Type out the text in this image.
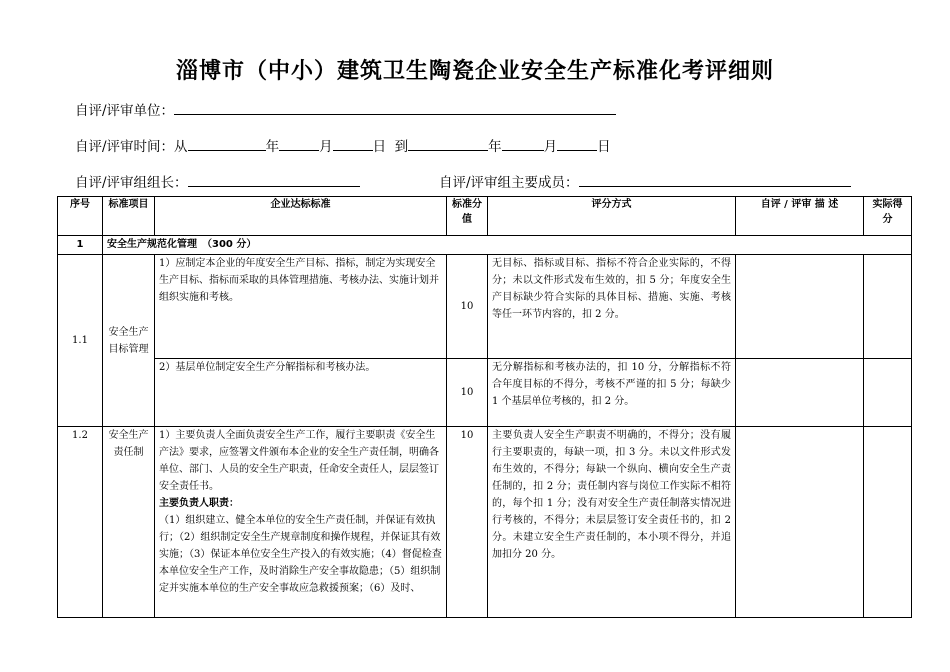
淄博市（中小）建筑卫生陶瓷企业安全生产标准化考评细则
自评/评审单位：
自评/评审时间：从	年	月	日 到	年	月	日
自评/评审组组长：	自评/评审组主要成员：
序号	标准项目	企业达标标准	标准分值	评分方式	自评 / 评审 描 述	实际得分
1	安全生产规范化管理　（300 分）					
1.1	安全生产目标管理	1）应制定本企业的年度安全生产目标、指标，制定为实现安全生产目标、指标而采取的具体管理措施、考核办法、实施计划并组织实施和考核。	10	无目标、指标或目标、指标不符合企业实际的，不得分；未以文件形式发布生效的，扣 5 分；年度安全生产目标缺少符合实际的具体目标、措施、实施、考核等任一环节内容的，扣 2 分。		
		2）基层单位制定安全生产分解指标和考核办法。	10	无分解指标和考核办法的，扣 10 分，分解指标不符合年度目标的不得分，考核不严谨的扣 5 分；每缺少 1 个基层单位考核的，扣 2 分。		
1.2	安全生产责任制	1）主要负责人全面负责安全生产工作，履行主要职责《安全生产法》要求，应签署文件颁布本企业的安全生产责任制，明确各单位、部门、人员的安全生产职责，任命安全责任人，层层签订安全责任书。
主要负责人职责：
（1）组织建立、健全本单位的安全生产责任制，并保证有效执行；（2）组织制定安全生产规章制度和操作规程，并保证其有效实施；（3）保证本单位安全生产投入的有效实施；（4）督促检查本单位安全生产工作，及时消除生产安全事故隐患；（5）组织制定并实施本单位的生产安全事故应急救援预案；（6）及时、	10	主要负责人安全生产职责不明确的，不得分；没有履行主要职责的，每缺一项，扣 3 分。未以文件形式发布生效的，不得分；每缺一个纵向、横向安全生产责任制的，扣 2 分；责任制内容与岗位工作实际不相符的，每个扣 1 分；没有对安全生产责任制落实情况进行考核的，不得分；未层层签订安全责任书的，扣 2 分。未建立安全生产责任制的，本小项不得分，并追加扣分 20 分。		
